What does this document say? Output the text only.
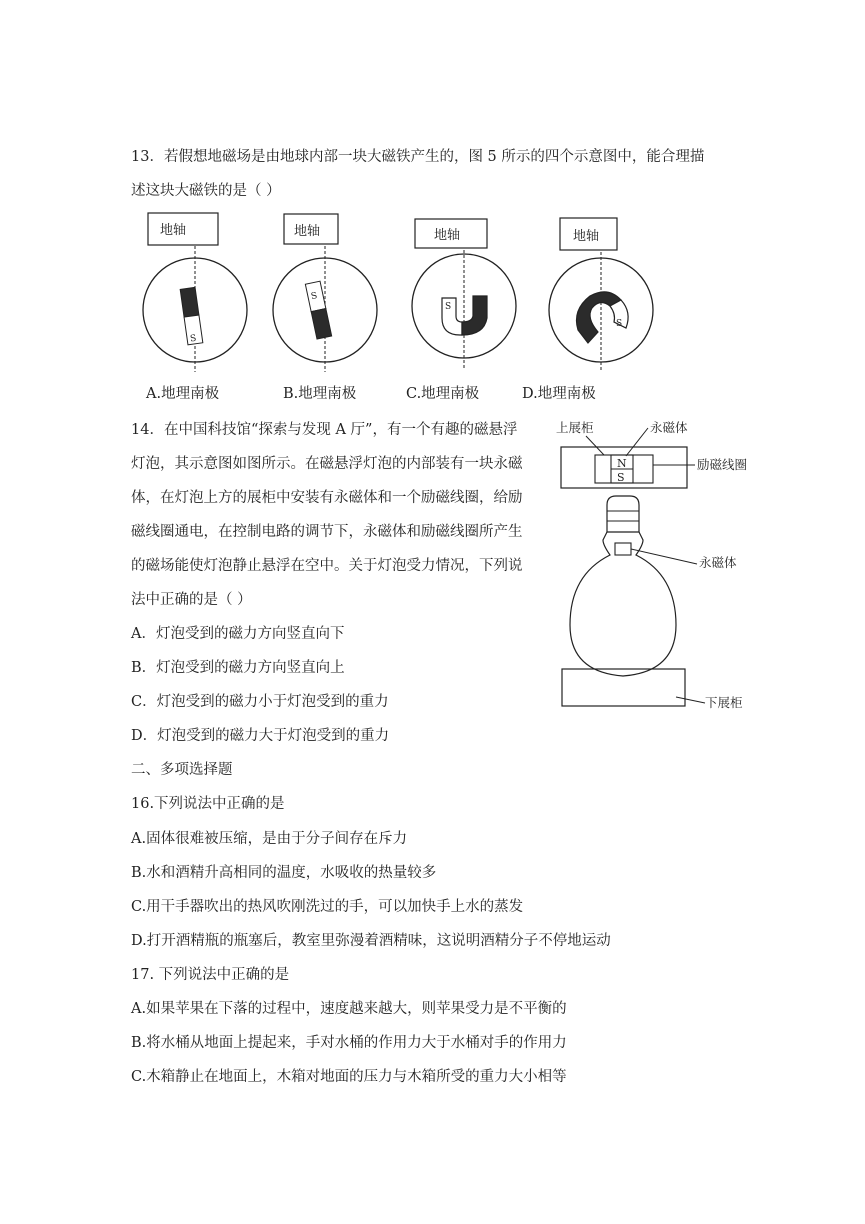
13．若假想地磁场是由地球内部一块大磁铁产生的，图 5 所示的四个示意图中，能合理描
述这块大磁铁的是（ ）
地轴
S
地轴
S
地轴
S
地轴
S
A.地理南极	B.地理南极	C.地理南极	D.地理南极
14．在中国科技馆“探索与发现 A 厅”，有一个有趣的磁悬浮
灯泡，其示意图如图所示。在磁悬浮灯泡的内部装有一块永磁
体，在灯泡上方的展柜中安装有永磁体和一个励磁线圈，给励
磁线圈通电，在控制电路的调节下，永磁体和励磁线圈所产生
的磁场能使灯泡静止悬浮在空中。关于灯泡受力情况，下列说
法中正确的是（ ）
A．灯泡受到的磁力方向竖直向下
B．灯泡受到的磁力方向竖直向上
C．灯泡受到的磁力小于灯泡受到的重力
D．灯泡受到的磁力大于灯泡受到的重力
上展柜	永磁体
N
S
励磁线圈
永磁体
下展柜
二、多项选择题
16.下列说法中正确的是
A.固体很难被压缩，是由于分子间存在斥力
B.水和酒精升高相同的温度，水吸收的热量较多
C.用干手器吹出的热风吹刚洗过的手，可以加快手上水的蒸发
D.打开酒精瓶的瓶塞后，教室里弥漫着酒精味，这说明酒精分子不停地运动
17. 下列说法中正确的是
A.如果苹果在下落的过程中，速度越来越大，则苹果受力是不平衡的
B.将水桶从地面上提起来，手对水桶的作用力大于水桶对手的作用力
C.木箱静止在地面上，木箱对地面的压力与木箱所受的重力大小相等
